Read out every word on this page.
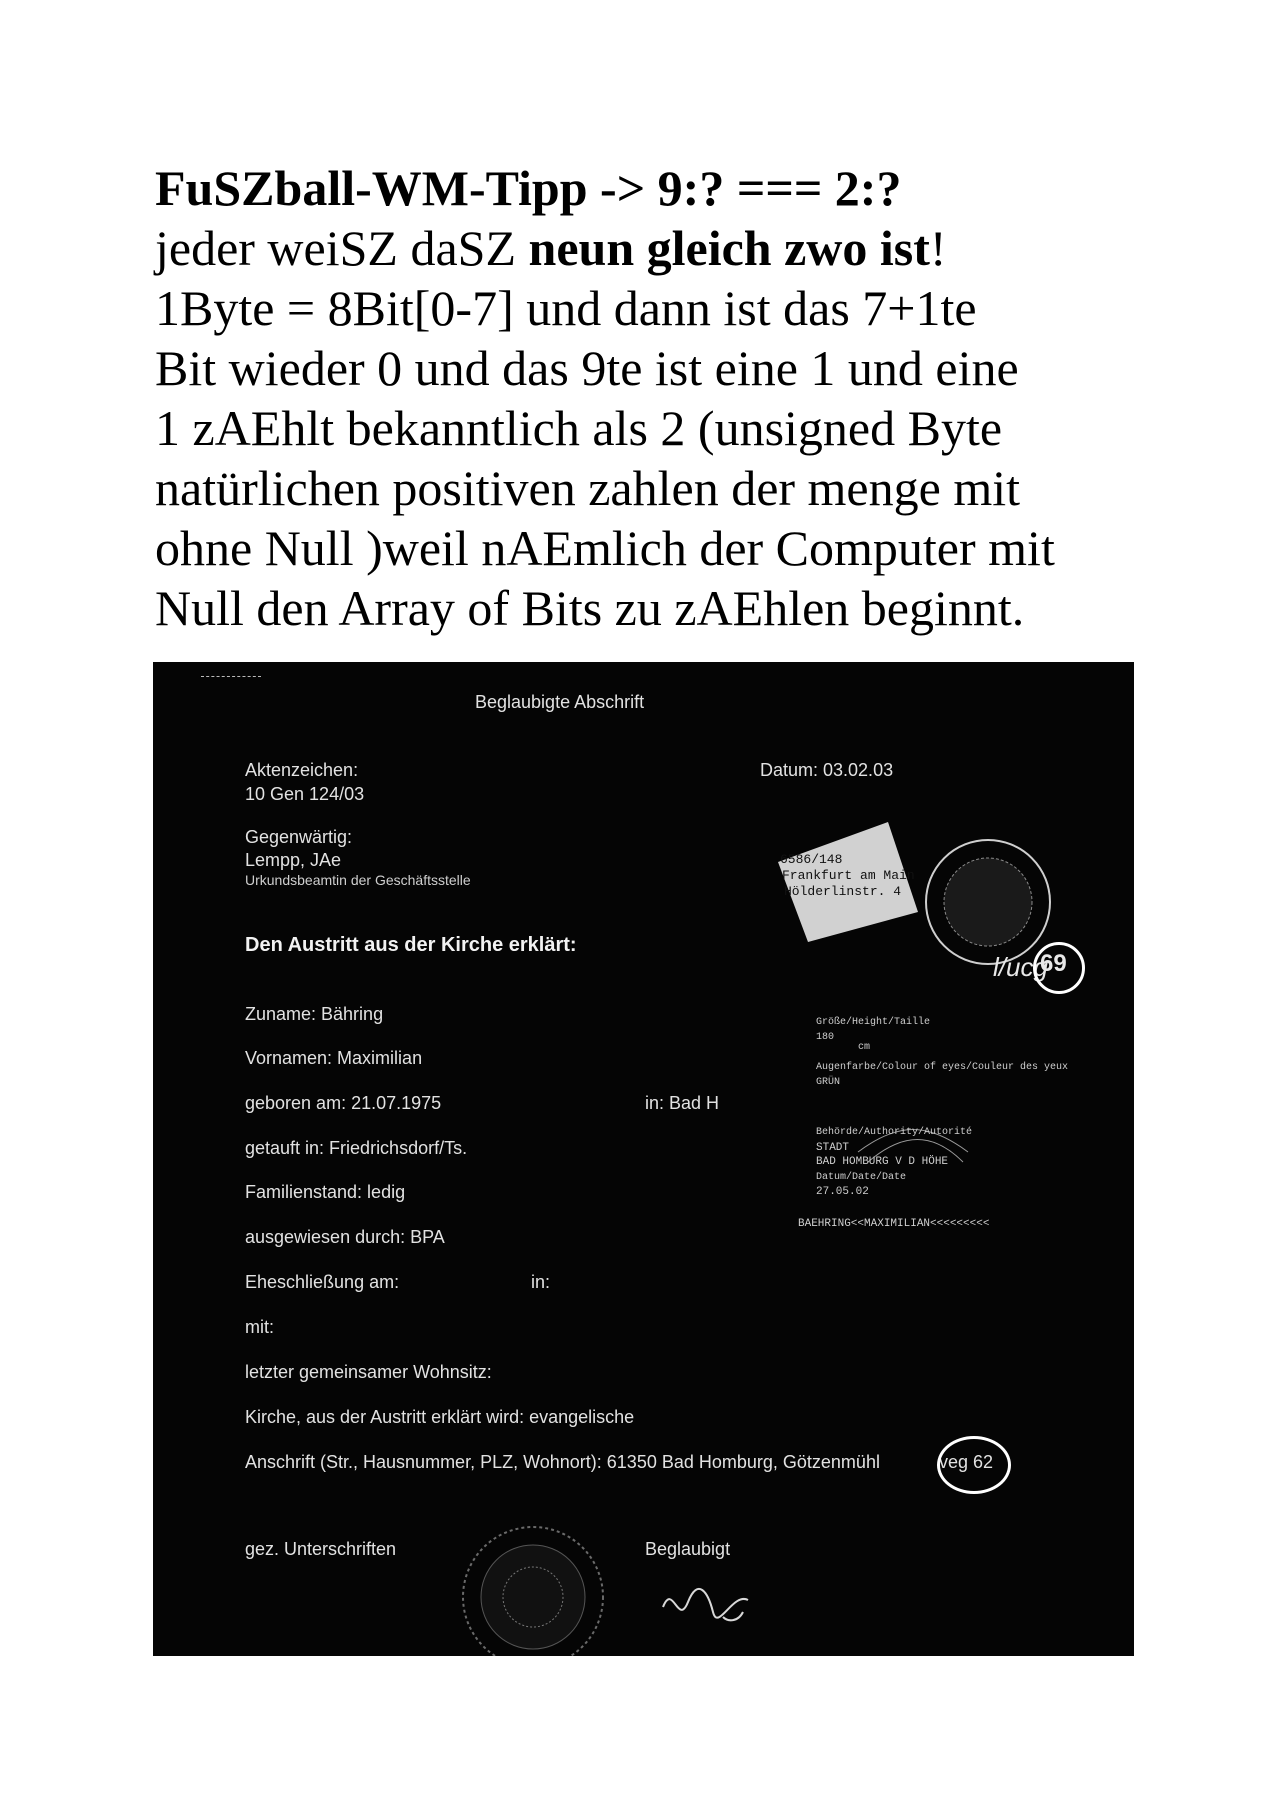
FuSZball-WM-Tipp -> 9:? === 2:?
jeder weiSZ daSZ neun gleich zwo ist!
1Byte = 8Bit[0-7] und dann ist das 7+1te
Bit wieder 0 und das 9te ist eine 1 und eine
1 zAEhlt bekanntlich als 2 (unsigned Byte
natürlichen positiven zahlen der menge mit
ohne Null )weil nAEmlich der Computer mit
Null den Array of Bits zu zAEhlen beginnt.
Beglaubigte Abschrift
Aktenzeichen:
10 Gen 124/03
Datum: 03.02.03
Gegenwärtig:
Lempp, JAe
Urkundsbeamtin der Geschäftsstelle
Den Austritt aus der Kirche erklärt:
Zuname: Bähring
Vornamen: Maximilian
geboren am: 21.07.1975	in: Bad H
getauft in: Friedrichsdorf/Ts.
Familienstand: ledig
ausgewiesen durch: BPA
Eheschließung am:	in:
mit:
letzter gemeinsamer Wohnsitz:
Kirche, aus der Austritt erklärt wird: evangelische
Anschrift (Str., Hausnummer, PLZ, Wohnort): 61350 Bad Homburg, Götzenmühl	veg 62
gez. Unterschriften	Beglaubigt
6586/148
Frankfurt am Main
Hölderlinstr. 4
l/ucg
69
Größe/Height/Taille
180
cm
Augenfarbe/Colour of eyes/Couleur des yeux
GRÜN
Behörde/Authority/Autorité
STADT
BAD HOMBURG V D HÖHE
Datum/Date/Date
27.05.02
BAEHRING<<MAXIMILIAN<<<<<<<<<
